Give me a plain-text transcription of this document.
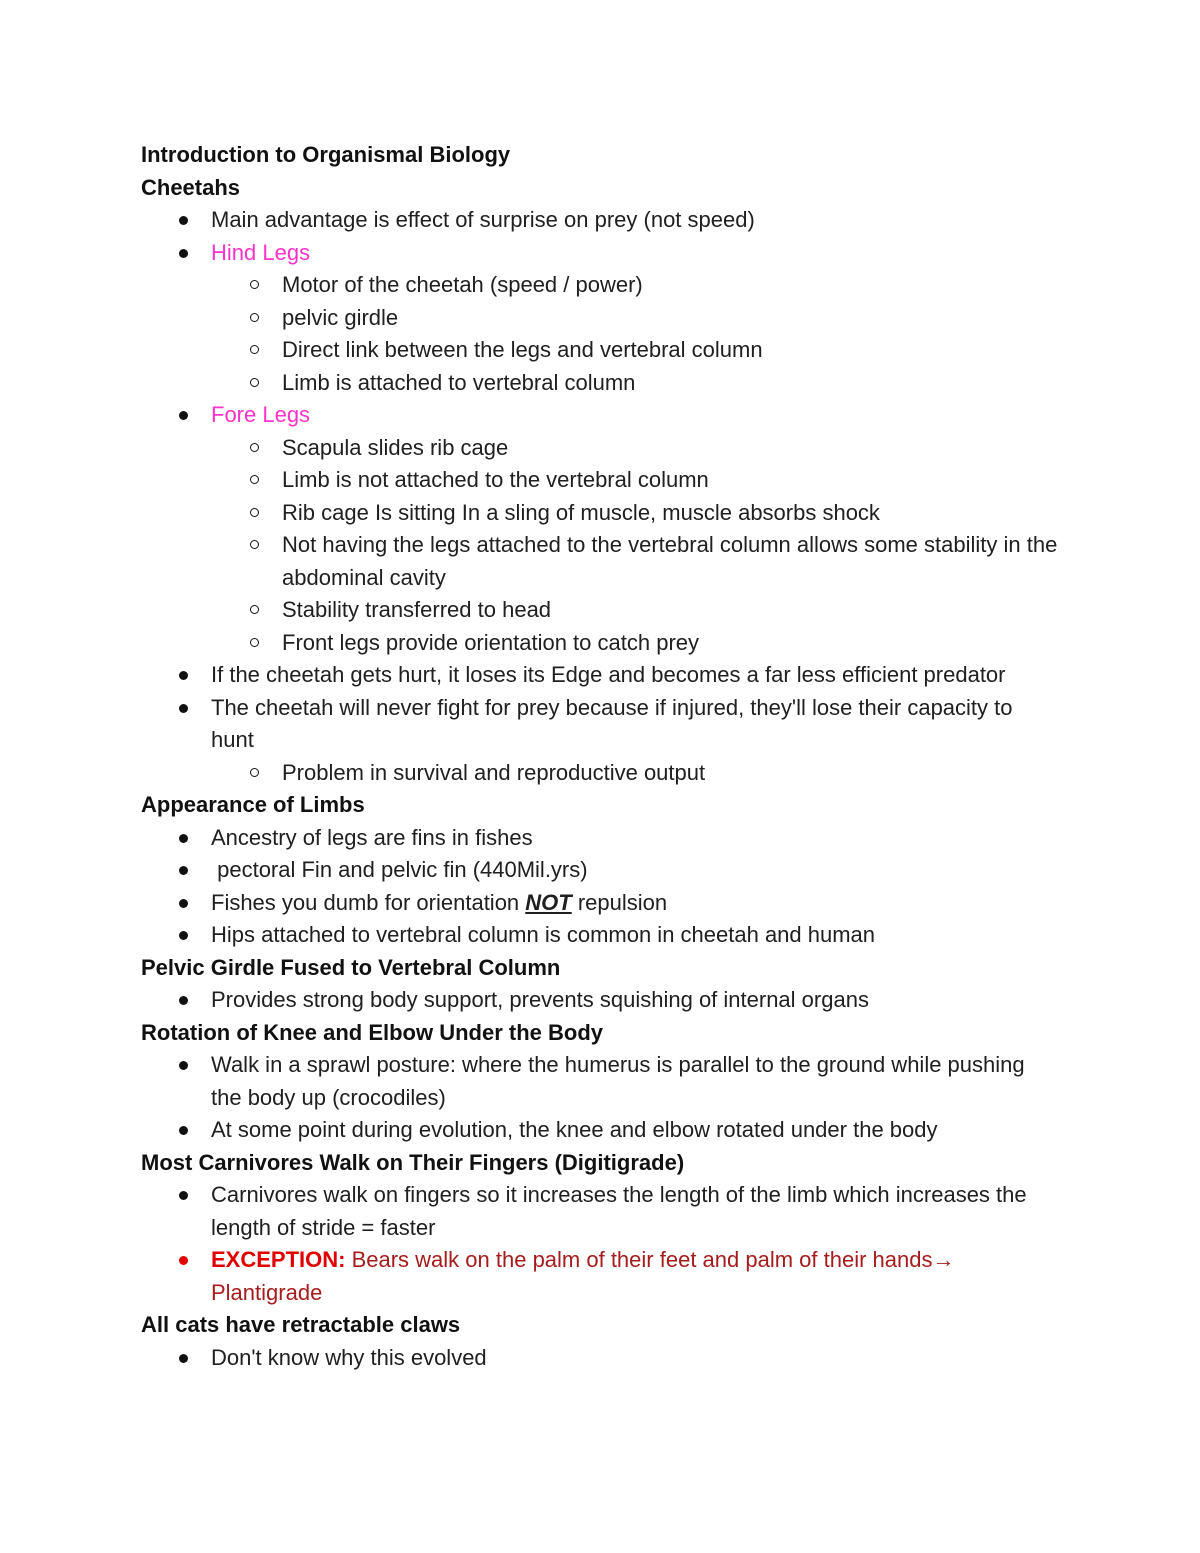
Introduction to Organismal Biology

Cheetahs

Main advantage is effect of surprise on prey (not speed)
Hind Legs
Motor of the cheetah (speed / power)
pelvic girdle
Direct link between the legs and vertebral column
Limb is attached to vertebral column
Fore Legs
Scapula slides rib cage
Limb is not attached to the vertebral column
Rib cage Is sitting In a sling of muscle, muscle absorbs shock
Not having the legs attached to the vertebral column allows some stability in the abdominal cavity
Stability transferred to head
Front legs provide orientation to catch prey
If the cheetah gets hurt, it loses its Edge and becomes a far less efficient predator
The cheetah will never fight for prey because if injured, they'll lose their capacity to hunt
Problem in survival and reproductive output

Appearance of Limbs

Ancestry of legs are fins in fishes
pectoral Fin and pelvic fin (440Mil.yrs)
Fishes you dumb for orientation NOT repulsion
Hips attached to vertebral column is common in cheetah and human

Pelvic Girdle Fused to Vertebral Column

Provides strong body support, prevents squishing of internal organs

Rotation of Knee and Elbow Under the Body

Walk in a sprawl posture: where the humerus is parallel to the ground while pushing the body up (crocodiles)
At some point during evolution, the knee and elbow rotated under the body

Most Carnivores Walk on Their Fingers (Digitigrade)

Carnivores walk on fingers so it increases the length of the limb which increases the length of stride = faster
EXCEPTION: Bears walk on the palm of their feet and palm of their hands→ Plantigrade

All cats have retractable claws

Don't know why this evolved
